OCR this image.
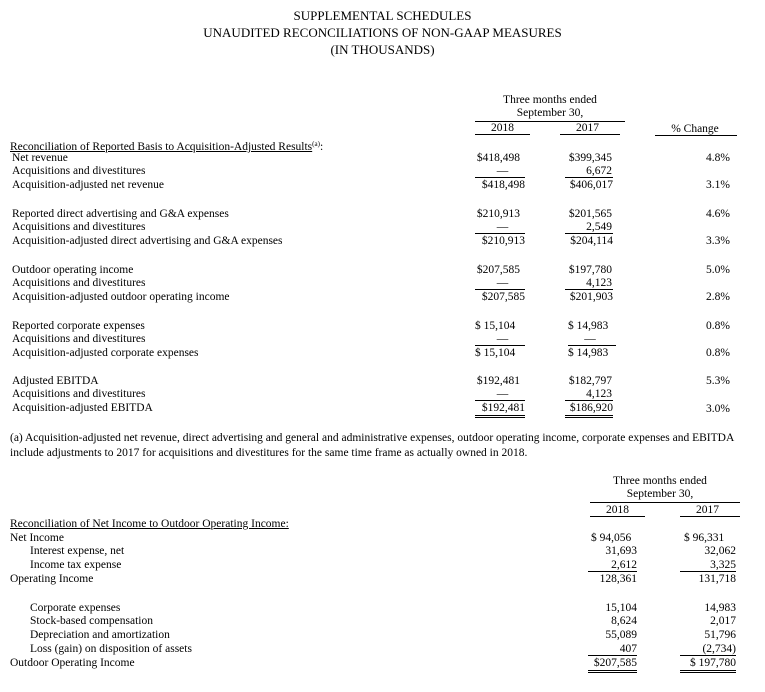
SUPPLEMENTAL SCHEDULES
UNAUDITED RECONCILIATIONS OF NON-GAAP MEASURES
(IN THOUSANDS)
Three months ended
September 30,
2018	2017	% Change
Reconciliation of Reported Basis to Acquisition-Adjusted Results$^{(a)}$:
Net revenue	$418,498	$399,345	4.8%
Acquisitions and divestitures	—	6,672
Acquisition-adjusted net revenue	$418,498	$406,017	3.1%
Reported direct advertising and G&A expenses	$210,913	$201,565	4.6%
Acquisitions and divestitures	—	2,549
Acquisition-adjusted direct advertising and G&A expenses	$210,913	$204,114	3.3%
Outdoor operating income	$207,585	$197,780	5.0%
Acquisitions and divestitures	—	4,123
Acquisition-adjusted outdoor operating income	$207,585	$201,903	2.8%
Reported corporate expenses	$ 15,104	$ 14,983	0.8%
Acquisitions and divestitures	—	—
Acquisition-adjusted corporate expenses	$ 15,104	$ 14,983	0.8%
Adjusted EBITDA	$192,481	$182,797	5.3%
Acquisitions and divestitures	—	4,123
Acquisition-adjusted EBITDA	$192,481	$186,920	3.0%
(a) Acquisition-adjusted net revenue, direct advertising and general and administrative expenses, outdoor operating income, corporate expenses and EBITDA include adjustments to 2017 for acquisitions and divestitures for the same time frame as actually owned in 2018.
Three months ended
September 30,
2018	2017
Reconciliation of Net Income to Outdoor Operating Income:
Net Income	$ 94,056	$ 96,331
Interest expense, net	31,693	32,062
Income tax expense	2,612	3,325
Operating Income	128,361	131,718
Corporate expenses	15,104	14,983
Stock-based compensation	8,624	2,017
Depreciation and amortization	55,089	51,796
Loss (gain) on disposition of assets	407	(2,734)
Outdoor Operating Income	$207,585	$ 197,780
